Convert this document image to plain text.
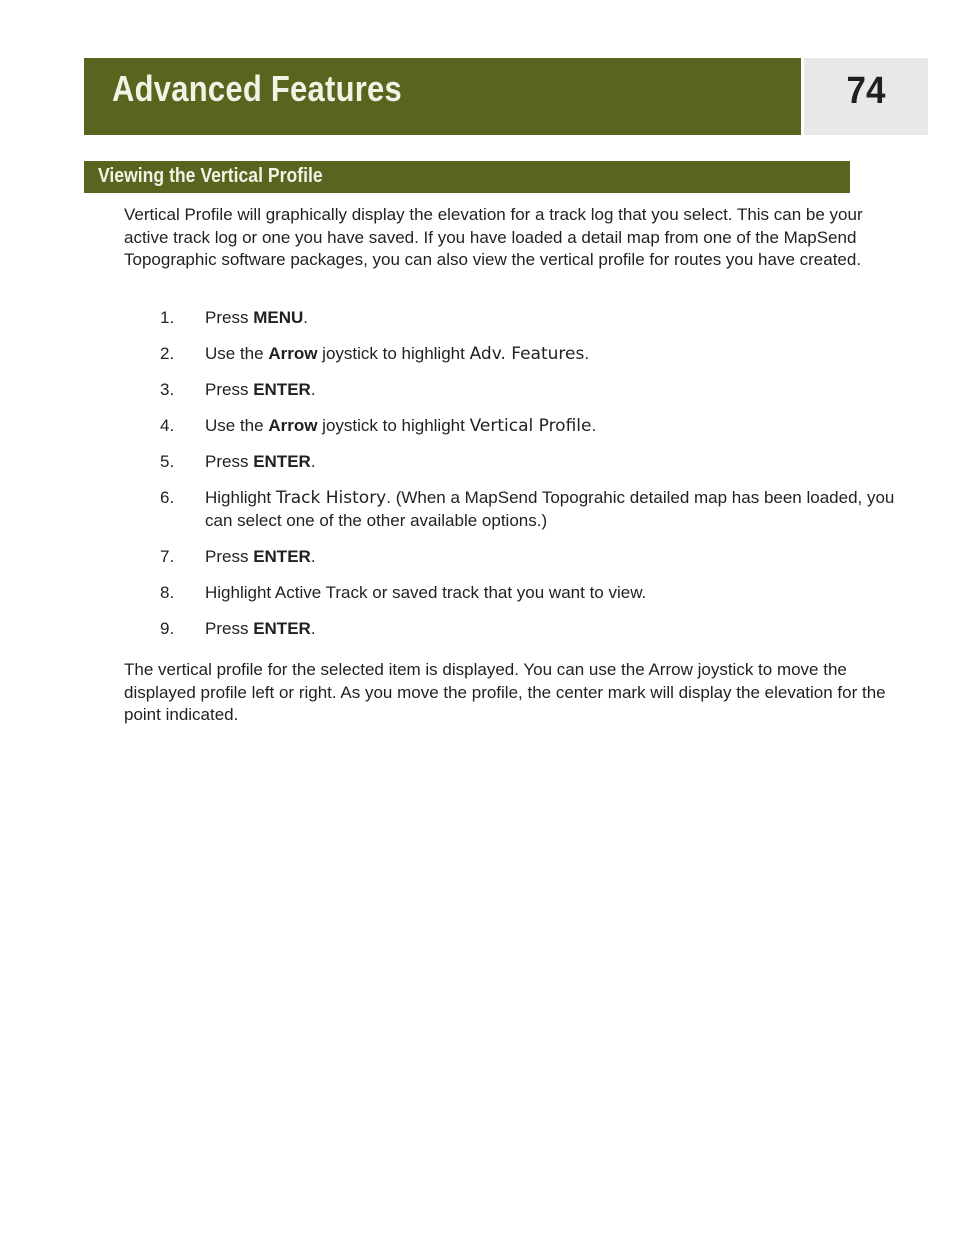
Advanced Features	74
Viewing the Vertical Profile
Vertical Profile will graphically display the elevation for a track log that you select. This can be your active track log or one you have saved. If you have loaded a detail map from one of the MapSend Topographic software packages, you can also view the vertical profile for routes you have created.
1. Press MENU.
2. Use the Arrow joystick to highlight Adv. Features.
3. Press ENTER.
4. Use the Arrow joystick to highlight Vertical Profile.
5. Press ENTER.
6. Highlight Track History. (When a MapSend Topograhic detailed map has been loaded, you can select one of the other available options.)
7. Press ENTER.
8. Highlight Active Track or saved track that you want to view.
9. Press ENTER.
The vertical profile for the selected item is displayed. You can use the Arrow joystick to move the displayed profile left or right. As you move the profile, the center mark will display the elevation for the point indicated.
